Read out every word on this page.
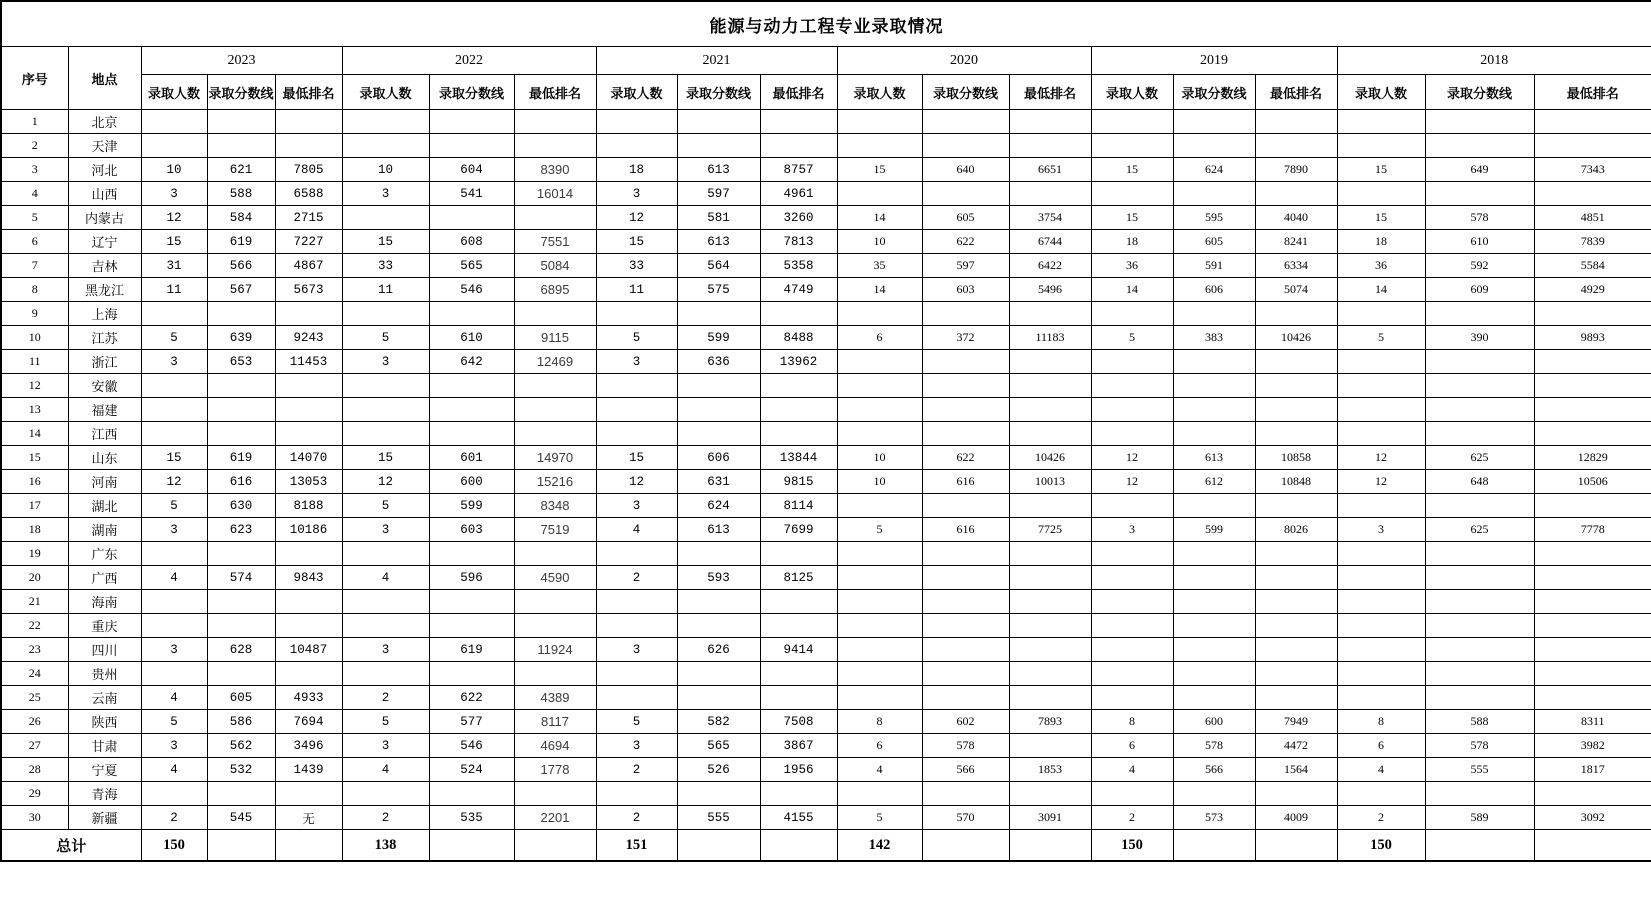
能源与动力工程专业录取情况																			
序号	地点	2023			2022			2021			2020			2019			2018		
		录取人数	录取分数线	最低排名	录取人数	录取分数线	最低排名	录取人数	录取分数线	最低排名	录取人数	录取分数线	最低排名	录取人数	录取分数线	最低排名	录取人数	录取分数线	最低排名
1	北京																		
2	天津																		
3	河北	10	621	7805	10	604	8390	18	613	8757	15	640	6651	15	624	7890	15	649	7343
4	山西	3	588	6588	3	541	16014	3	597	4961									
5	内蒙古	12	584	2715				12	581	3260	14	605	3754	15	595	4040	15	578	4851
6	辽宁	15	619	7227	15	608	7551	15	613	7813	10	622	6744	18	605	8241	18	610	7839
7	吉林	31	566	4867	33	565	5084	33	564	5358	35	597	6422	36	591	6334	36	592	5584
8	黑龙江	11	567	5673	11	546	6895	11	575	4749	14	603	5496	14	606	5074	14	609	4929
9	上海																		
10	江苏	5	639	9243	5	610	9115	5	599	8488	6	372	11183	5	383	10426	5	390	9893
11	浙江	3	653	11453	3	642	12469	3	636	13962									
12	安徽																		
13	福建																		
14	江西																		
15	山东	15	619	14070	15	601	14970	15	606	13844	10	622	10426	12	613	10858	12	625	12829
16	河南	12	616	13053	12	600	15216	12	631	9815	10	616	10013	12	612	10848	12	648	10506
17	湖北	5	630	8188	5	599	8348	3	624	8114									
18	湖南	3	623	10186	3	603	7519	4	613	7699	5	616	7725	3	599	8026	3	625	7778
19	广东																		
20	广西	4	574	9843	4	596	4590	2	593	8125									
21	海南																		
22	重庆																		
23	四川	3	628	10487	3	619	11924	3	626	9414									
24	贵州																		
25	云南	4	605	4933	2	622	4389												
26	陕西	5	586	7694	5	577	8117	5	582	7508	8	602	7893	8	600	7949	8	588	8311
27	甘肃	3	562	3496	3	546	4694	3	565	3867	6	578		6	578	4472	6	578	3982
28	宁夏	4	532	1439	4	524	1778	2	526	1956	4	566	1853	4	566	1564	4	555	1817
29	青海																		
30	新疆	2	545	无	2	535	2201	2	555	4155	5	570	3091	2	573	4009	2	589	3092
总计		150			138			151			142			150			150		
